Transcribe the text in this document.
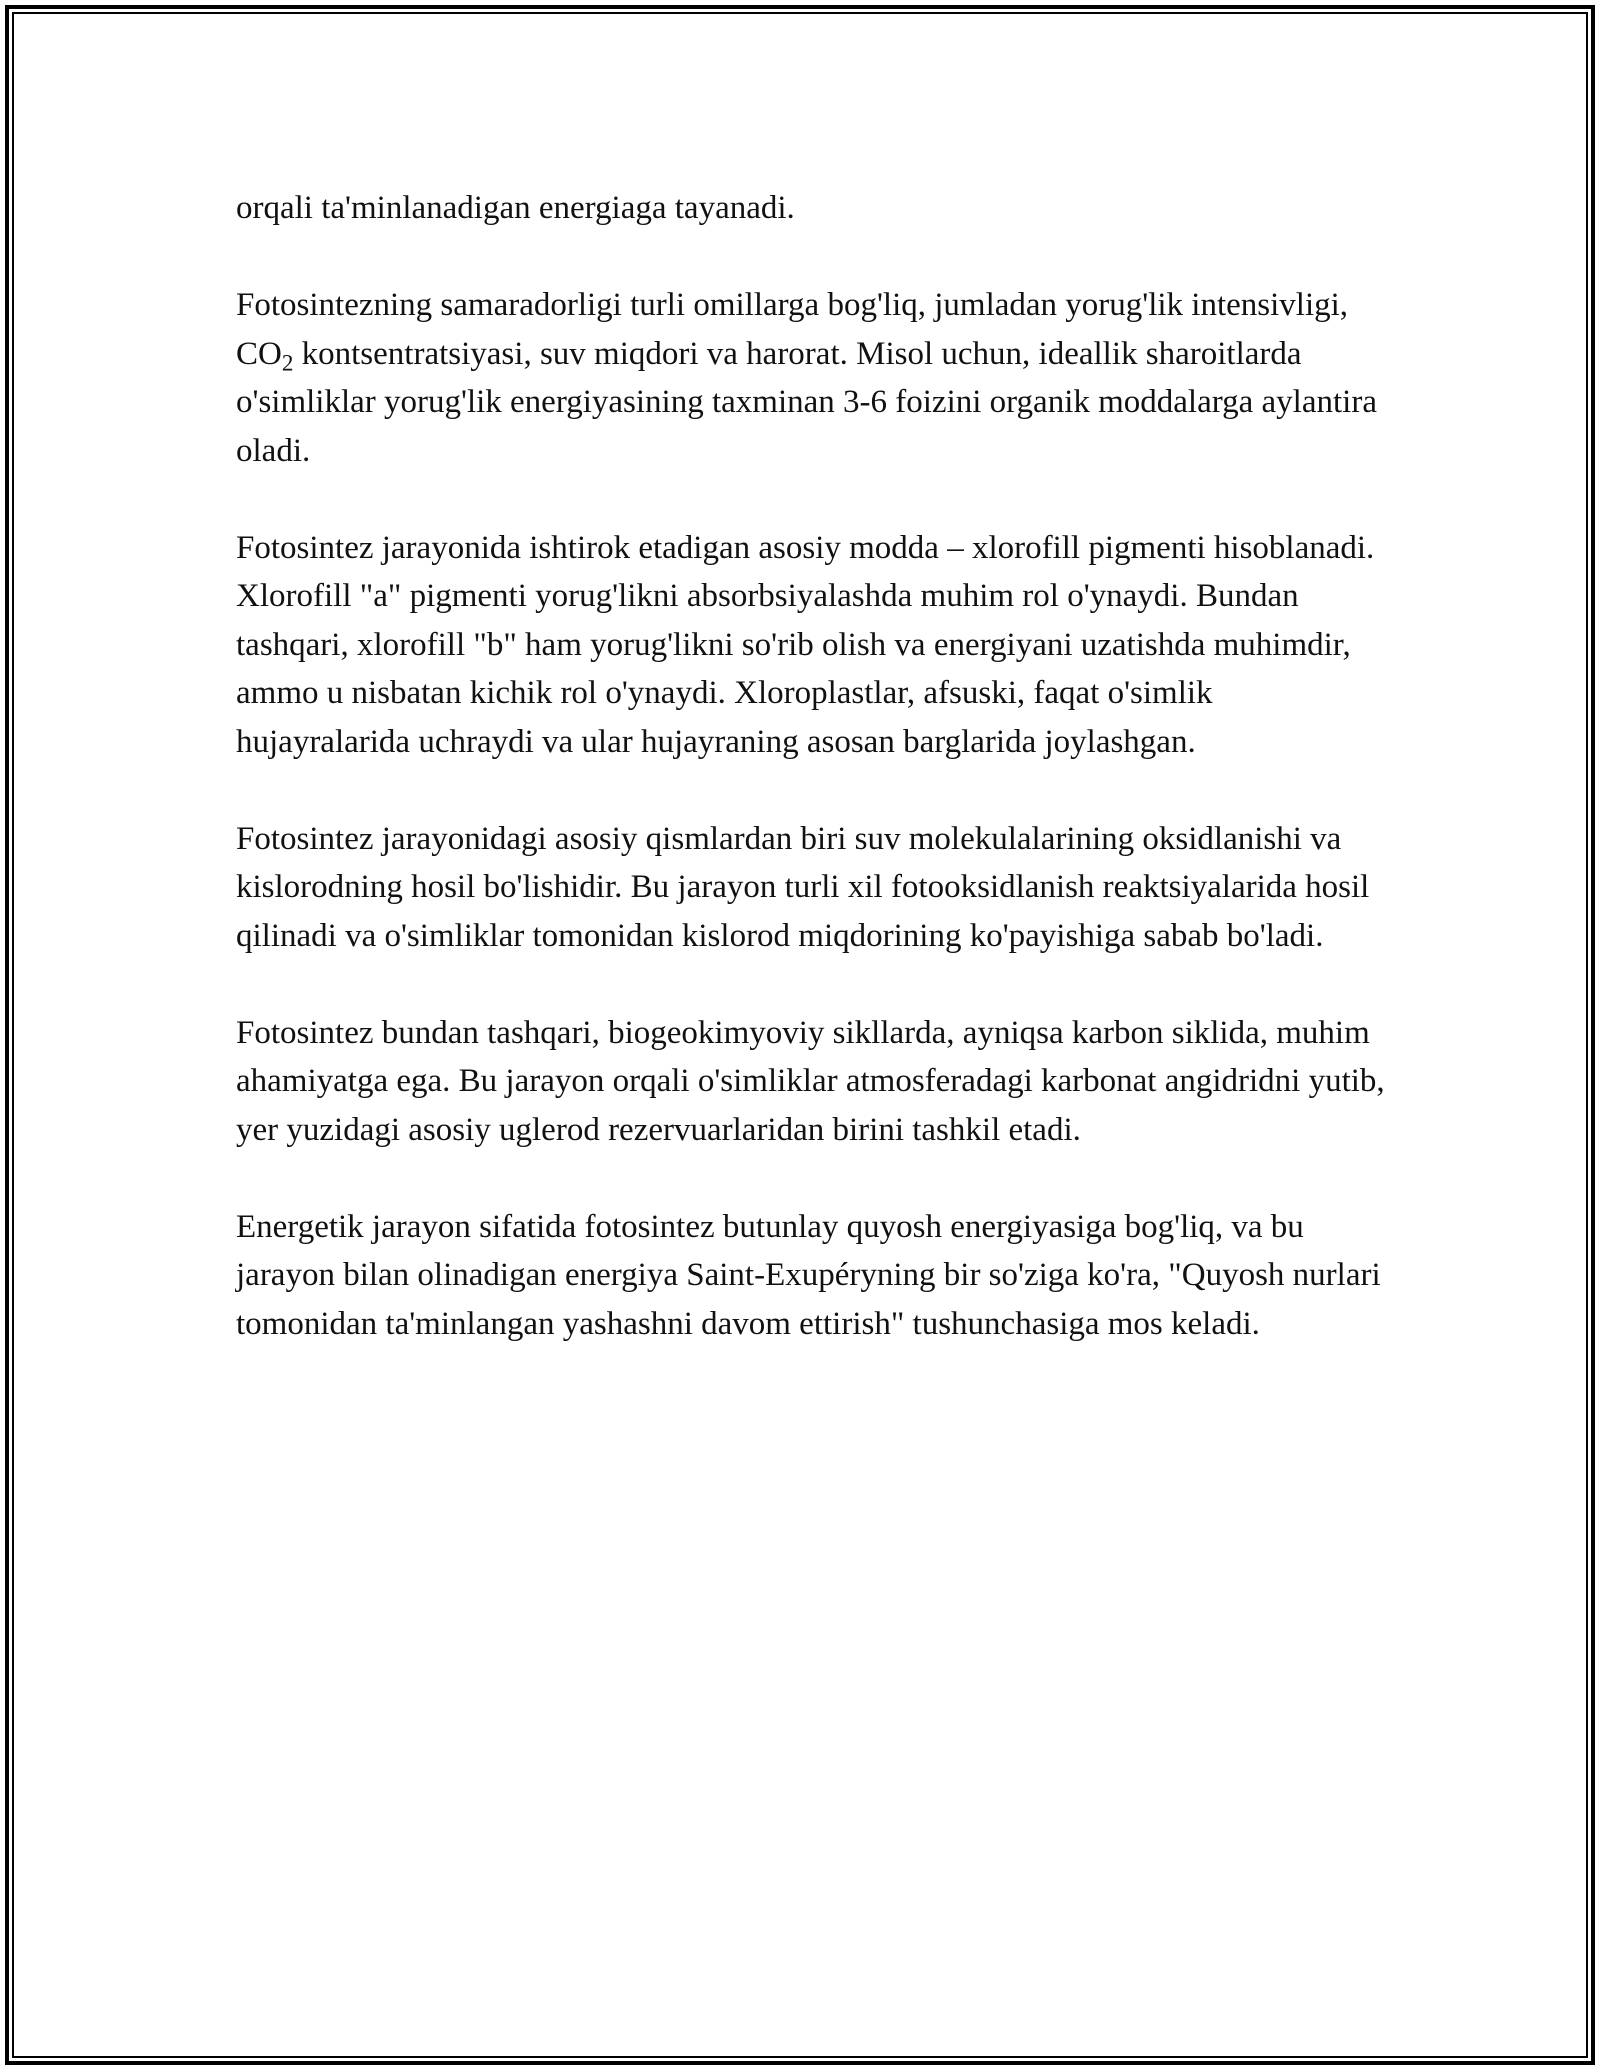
orqali ta'minlanadigan energiaga tayanadi.

Fotosintezning samaradorligi turli omillarga bog'liq, jumladan yorug'lik intensivligi, $CO_2$ kontsentratsiyasi, suv miqdori va harorat. Misol uchun, ideallik sharoitlarda o'simliklar yorug'lik energiyasining taxminan 3-6 foizini organik moddalarga aylantira oladi.

Fotosintez jarayonida ishtirok etadigan asosiy modda – xlorofill pigmenti hisoblanadi. Xlorofill "a" pigmenti yorug'likni absorbsiyalashda muhim rol o'ynaydi. Bundan tashqari, xlorofill "b" ham yorug'likni so'rib olish va energiyani uzatishda muhimdir, ammo u nisbatan kichik rol o'ynaydi. Xloroplastlar, afsuski, faqat o'simlik hujayralarida uchraydi va ular hujayraning asosan barglarida joylashgan.

Fotosintez jarayonidagi asosiy qismlardan biri suv molekulalarining oksidlanishi va kislorodning hosil bo'lishidir. Bu jarayon turli xil fotooksidlanish reaktsiyalarida hosil qilinadi va o'simliklar tomonidan kislorod miqdorining ko'payishiga sabab bo'ladi.

Fotosintez bundan tashqari, biogeokimyoviy sikllarda, ayniqsa karbon siklida, muhim ahamiyatga ega. Bu jarayon orqali o'simliklar atmosferadagi karbonat angidridni yutib, yer yuzidagi asosiy uglerod rezervuarlaridan birini tashkil etadi.

Energetik jarayon sifatida fotosintez butunlay quyosh energiyasiga bog'liq, va bu jarayon bilan olinadigan energiya Saint-Exupéryning bir so'ziga ko'ra, "Quyosh nurlari tomonidan ta'minlangan yashashni davom ettirish" tushunchasiga mos keladi.
